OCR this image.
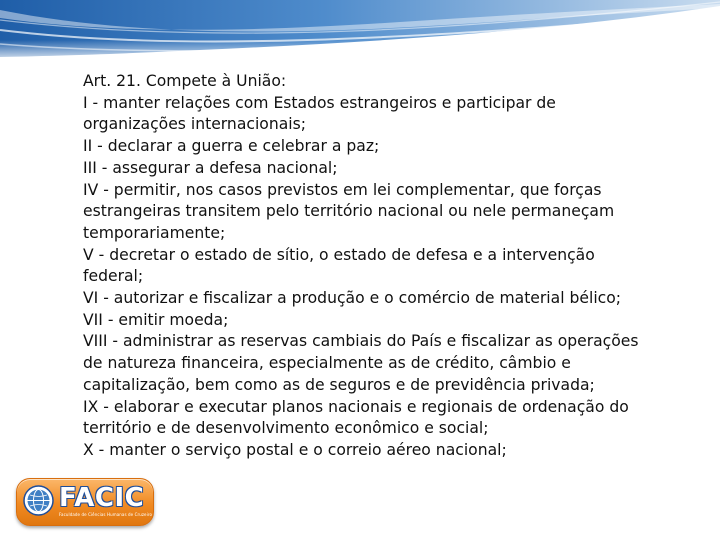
Art. 21. Compete à União:
I - manter relações com Estados estrangeiros e participar de
organizações internacionais;
II - declarar a guerra e celebrar a paz;
III - assegurar a defesa nacional;
IV - permitir, nos casos previstos em lei complementar, que forças
estrangeiras transitem pelo território nacional ou nele permaneçam
temporariamente;
V - decretar o estado de sítio, o estado de defesa e a intervenção
federal;
VI - autorizar e fiscalizar a produção e o comércio de material bélico;
VII - emitir moeda;
VIII - administrar as reservas cambiais do País e fiscalizar as operações
de natureza financeira, especialmente as de crédito, câmbio e
capitalização, bem como as de seguros e de previdência privada;
IX - elaborar e executar planos nacionais e regionais de ordenação do
território e de desenvolvimento econômico e social;
X - manter o serviço postal e o correio aéreo nacional;
FACIC
Faculdade de Ciências Humanas de Cruzeiro
